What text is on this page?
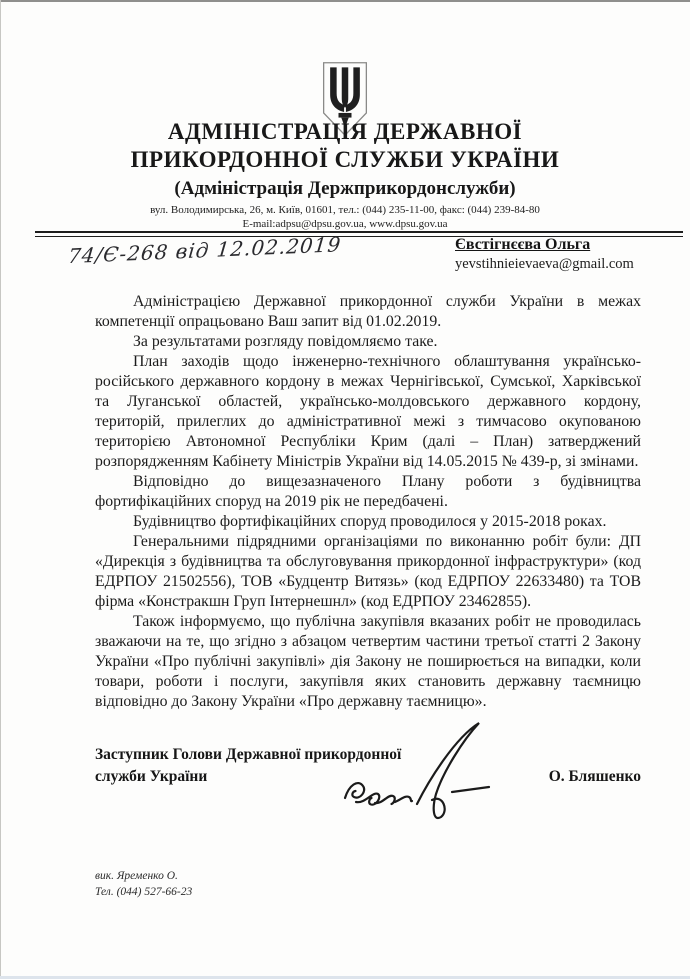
АДМІНІСТРАЦІЯ ДЕРЖАВНОЇ
ПРИКОРДОННОЇ СЛУЖБИ УКРАЇНИ
(Адміністрація Держприкордонслужби)
вул. Володимирська, 26, м. Київ, 01601, тел.: (044) 235-11-00, факс: (044) 239-84-80
E-mail:adpsu@dpsu.gov.ua, www.dpsu.gov.ua
74/Є-268 від 12.02.2019	Євстігнєєва Ольга
yevstihnieievaeva@gmail.com

Адміністрацією Державної прикордонної служби України в межах компетенції опрацьовано Ваш запит від 01.02.2019.

За результатами розгляду повідомляємо таке.

План заходів щодо інженерно-технічного облаштування українсько-російського державного кордону в межах Чернігівської, Сумської, Харківської та Луганської областей, українсько-молдовського державного кордону, територій, прилеглих до адміністративної межі з тимчасово окупованою територією Автономної Республіки Крим (далі – План) затверджений розпорядженням Кабінету Міністрів України від 14.05.2015 № 439-р, зі змінами.

Відповідно до вищезазначеного Плану роботи з будівництва фортифікаційних споруд на 2019 рік не передбачені.

Будівництво фортифікаційних споруд проводилося у 2015-2018 роках.

Генеральними підрядними організаціями по виконанню робіт були: ДП «Дирекція з будівництва та обслуговування прикордонної інфраструктури» (код ЕДРПОУ 21502556), ТОВ «Будцентр Витязь» (код ЕДРПОУ 22633480) та ТОВ фірма «Констракшн Груп Інтернешнл» (код ЕДРПОУ 23462855).

Також інформуємо, що публічна закупівля вказаних робіт не проводилась зважаючи на те, що згідно з абзацом четвертим частини третьої статті 2 Закону України «Про публічні закупівлі» дія Закону не поширюється на випадки, коли товари, роботи і послуги, закупівля яких становить державну таємницю відповідно до Закону України «Про державну таємницю».

Заступник Голови Державної прикордонної
служби України	О. Бляшенко
вик. Яременко О.
Тел. (044) 527-66-23
